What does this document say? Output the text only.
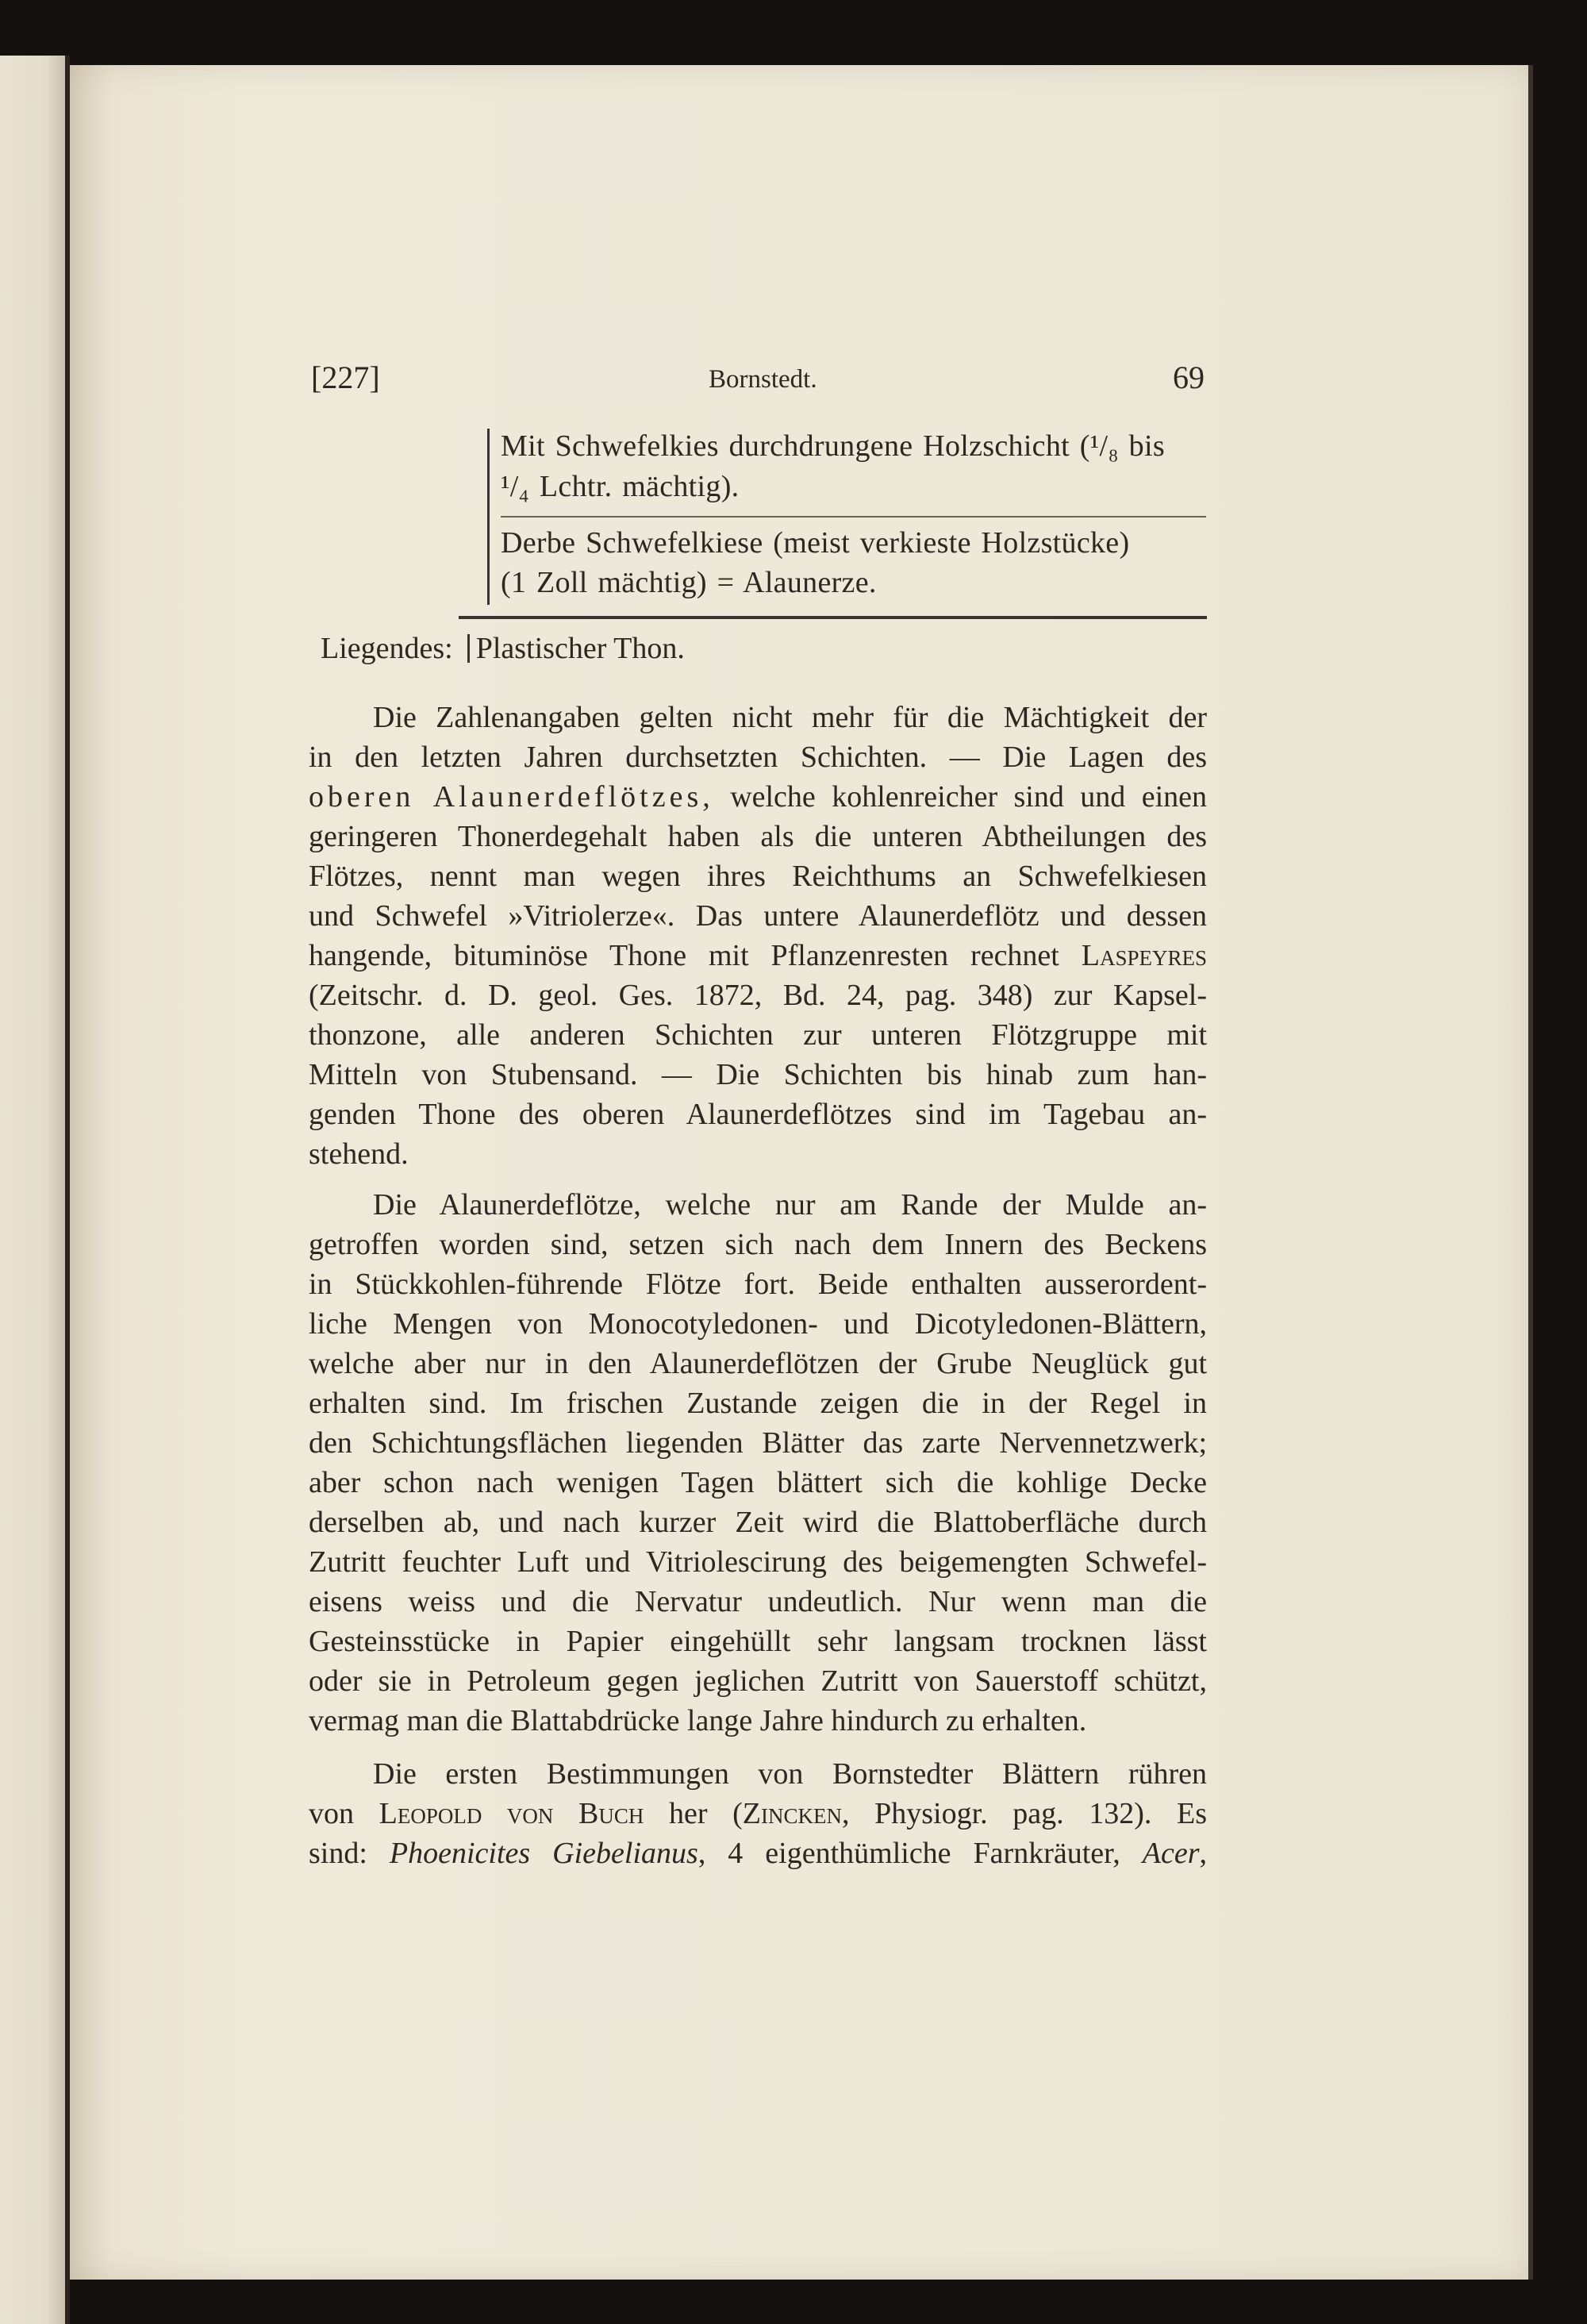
[227]	Bornstedt.	69
Mit Schwefelkies durchdrungene Holzschicht (¹/₈ bis
¹/₄ Lchtr. mächtig).
Derbe Schwefelkiese (meist verkieste Holzstücke)
(1 Zoll mächtig) = Alaunerze.
Liegendes: Plastischer Thon.
Die Zahlenangaben gelten nicht mehr für die Mächtigkeit der
in den letzten Jahren durchsetzten Schichten. — Die Lagen des
oberen Alaunerdeflötzes, welche kohlenreicher sind und einen
geringeren Thonerdegehalt haben als die unteren Abtheilungen des
Flötzes, nennt man wegen ihres Reichthums an Schwefelkiesen
und Schwefel »Vitriolerze«. Das untere Alaunerdeflötz und dessen
hangende, bituminöse Thone mit Pflanzenresten rechnet Laspeyres
(Zeitschr. d. D. geol. Ges. 1872, Bd. 24, pag. 348) zur Kapsel-
thonzone, alle anderen Schichten zur unteren Flötzgruppe mit
Mitteln von Stubensand. — Die Schichten bis hinab zum han-
genden Thone des oberen Alaunerdeflötzes sind im Tagebau an-
stehend.
Die Alaunerdeflötze, welche nur am Rande der Mulde an-
getroffen worden sind, setzen sich nach dem Innern des Beckens
in Stückkohlen-führende Flötze fort. Beide enthalten ausserordent-
liche Mengen von Monocotyledonen- und Dicotyledonen-Blättern,
welche aber nur in den Alaunerdeflötzen der Grube Neuglück gut
erhalten sind. Im frischen Zustande zeigen die in der Regel in
den Schichtungsflächen liegenden Blätter das zarte Nervennetzwerk;
aber schon nach wenigen Tagen blättert sich die kohlige Decke
derselben ab, und nach kurzer Zeit wird die Blattoberfläche durch
Zutritt feuchter Luft und Vitriolescirung des beigemengten Schwefel-
eisens weiss und die Nervatur undeutlich. Nur wenn man die
Gesteinsstücke in Papier eingehüllt sehr langsam trocknen lässt
oder sie in Petroleum gegen jeglichen Zutritt von Sauerstoff schützt,
vermag man die Blattabdrücke lange Jahre hindurch zu erhalten.
Die ersten Bestimmungen von Bornstedter Blättern rühren
von Leopold von Buch her (Zincken, Physiogr. pag. 132). Es
sind: Phoenicites Giebelianus, 4 eigenthümliche Farnkräuter, Acer,
